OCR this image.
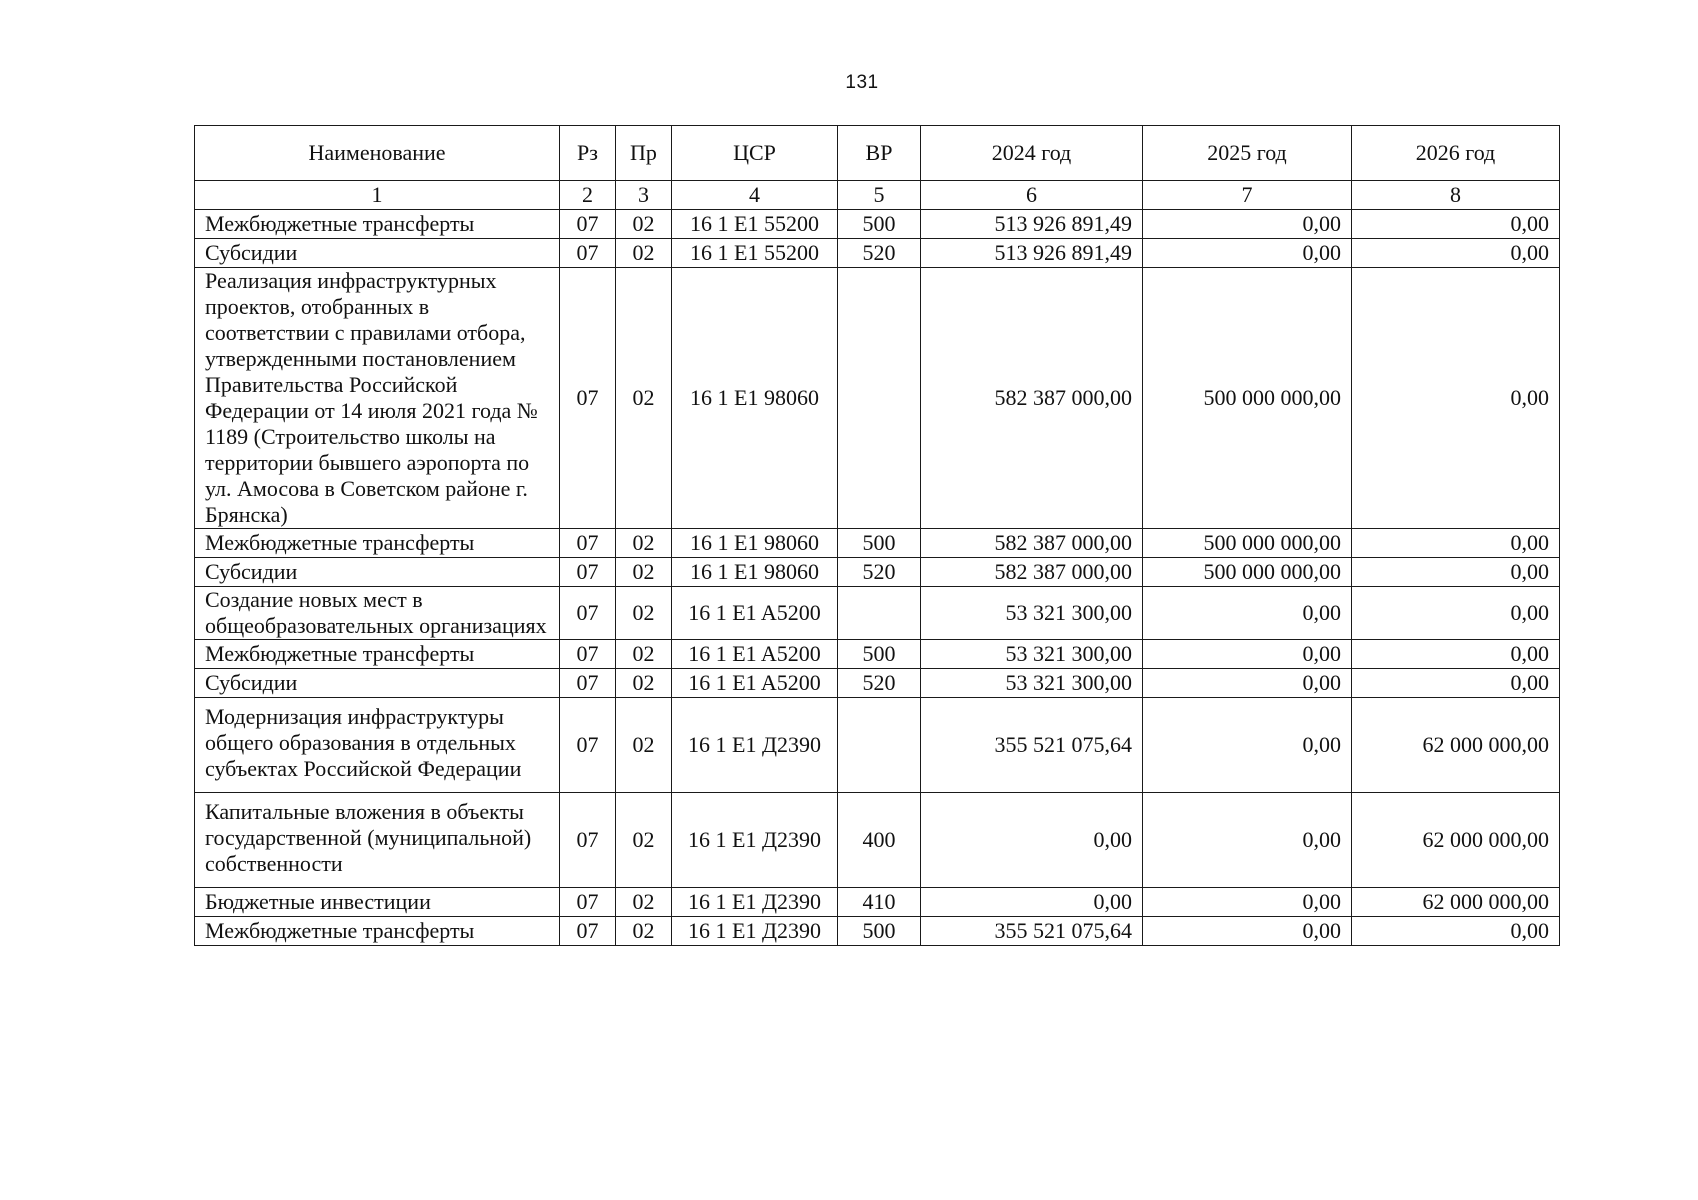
131
Наименование	Рз	Пр	ЦСР	ВР	2024 год	2025 год	2026 год
1	2	3	4	5	6	7	8
Межбюджетные трансферты	07	02	16 1 E1 55200	500	513 926 891,49	0,00	0,00
Субсидии	07	02	16 1 E1 55200	520	513 926 891,49	0,00	0,00
Реализация инфраструктурных проектов, отобранных в соответствии с правилами отбора, утвержденными постановлением Правительства Российской Федерации от 14 июля 2021 года № 1189 (Строительство школы на территории бывшего аэропорта по ул. Амосова в Советском районе г. Брянска)	07	02	16 1 E1 98060		582 387 000,00	500 000 000,00	0,00
Межбюджетные трансферты	07	02	16 1 E1 98060	500	582 387 000,00	500 000 000,00	0,00
Субсидии	07	02	16 1 E1 98060	520	582 387 000,00	500 000 000,00	0,00
Создание новых мест в общеобразовательных организациях	07	02	16 1 E1 A5200		53 321 300,00	0,00	0,00
Межбюджетные трансферты	07	02	16 1 E1 A5200	500	53 321 300,00	0,00	0,00
Субсидии	07	02	16 1 E1 A5200	520	53 321 300,00	0,00	0,00
Модернизация инфраструктуры общего образования в отдельных субъектах Российской Федерации	07	02	16 1 E1 Д2390		355 521 075,64	0,00	62 000 000,00
Капитальные вложения в объекты государственной (муниципальной) собственности	07	02	16 1 E1 Д2390	400	0,00	0,00	62 000 000,00
Бюджетные инвестиции	07	02	16 1 E1 Д2390	410	0,00	0,00	62 000 000,00
Межбюджетные трансферты	07	02	16 1 E1 Д2390	500	355 521 075,64	0,00	0,00
